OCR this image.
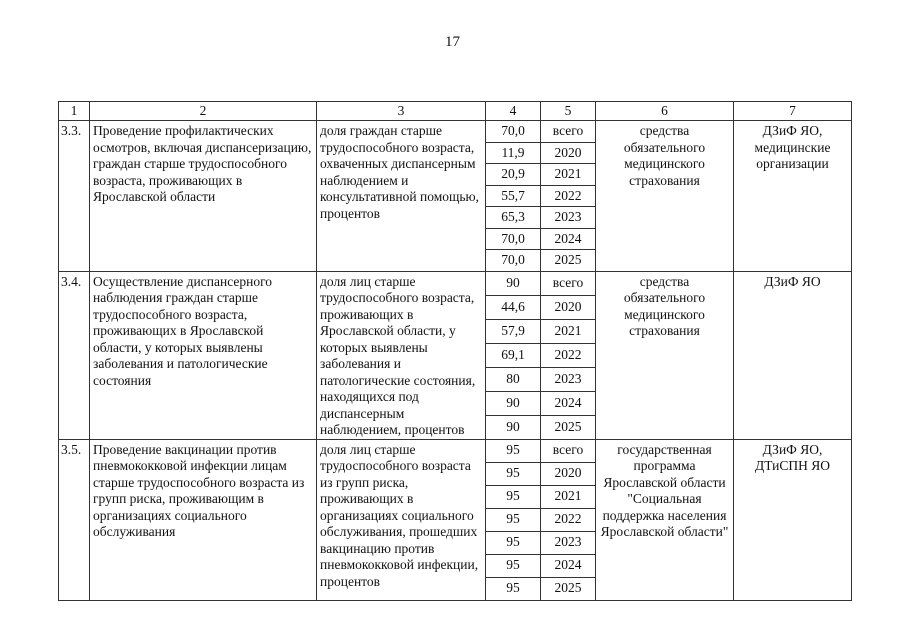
17
1	2	3	4	5	6	7
3.3.	Проведение профилактических осмотров, включая диспансеризацию, граждан старше трудоспособного возраста, проживающих в Ярославской области	доля граждан старше трудоспособного возраста, охваченных диспансерным наблюдением и консультативной помощью, процентов	70,0	всего	средства обязательного медицинского страхования	ДЗиФ ЯО, медицинские организации
			11,9	2020		
			20,9	2021		
			55,7	2022		
			65,3	2023		
			70,0	2024		
			70,0	2025		
3.4.	Осуществление диспансерного наблюдения граждан старше трудоспособного возраста, проживающих в Ярославской области, у которых выявлены заболевания и патологические состояния	доля лиц старше трудоспособного возраста, проживающих в Ярославской области, у которых выявлены заболевания и патологические состояния, находящихся под диспансерным наблюдением, процентов	90	всего	средства обязательного медицинского страхования	ДЗиФ ЯО
			44,6	2020		
			57,9	2021		
			69,1	2022		
			80	2023		
			90	2024		
			90	2025		
3.5.	Проведение вакцинации против пневмококковой инфекции лицам старше трудоспособного возраста из групп риска, проживающим в организациях социального обслуживания	доля лиц старше трудоспособного возраста из групп риска, проживающих в организациях социального обслуживания, прошедших вакцинацию против пневмококковой инфекции, процентов	95	всего	государственная программа Ярославской области "Социальная поддержка населения Ярославской области"	ДЗиФ ЯО, ДТиСПН ЯО
			95	2020		
			95	2021		
			95	2022		
			95	2023		
			95	2024		
			95	2025		
